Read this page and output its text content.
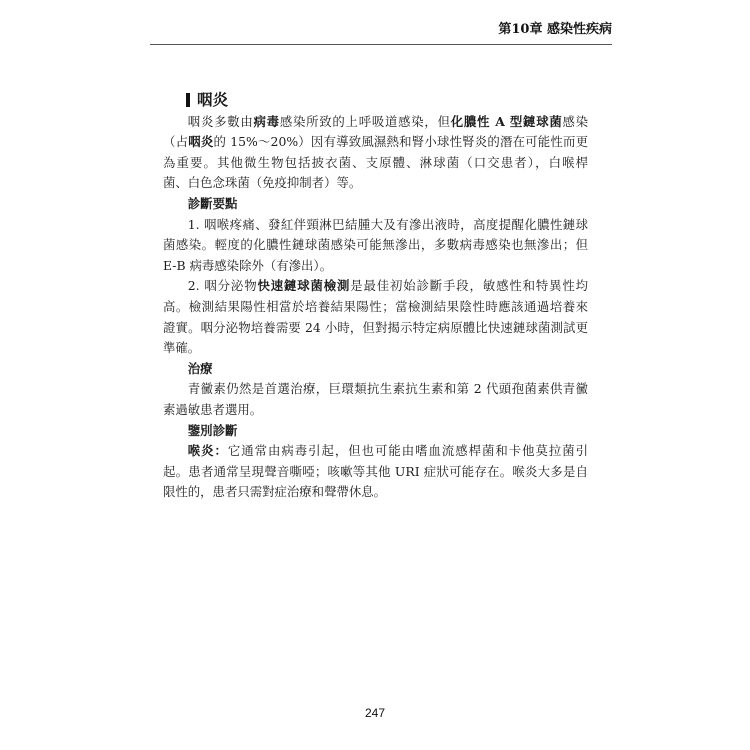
第10章 感染性疾病
咽炎
咽炎多數由病毒感染所致的上呼吸道感染，但化膿性 A 型鏈球菌感染
（占咽炎的 15%～20%）因有導致風濕熱和腎小球性腎炎的潛在可能性而更
為重要。其他微生物包括披衣菌、支原體、淋球菌（口交患者），白喉桿
菌、白色念珠菌（免疫抑制者）等。
診斷要點
1. 咽喉疼痛、發紅伴頸淋巴結腫大及有滲出液時，高度提醒化膿性鏈球
菌感染。輕度的化膿性鏈球菌感染可能無滲出，多數病毒感染也無滲出；但
E-B 病毒感染除外（有滲出）。
2. 咽分泌物快速鏈球菌檢測是最佳初始診斷手段，敏感性和特異性均
高。檢測結果陽性相當於培養結果陽性；當檢測結果陰性時應該通過培養來
證實。咽分泌物培養需要 24 小時，但對揭示特定病原體比快速鏈球菌測試更
準確。
治療
青黴素仍然是首選治療，巨環類抗生素抗生素和第 2 代頭孢菌素供青黴
素過敏患者選用。
鑒別診斷
喉炎：它通常由病毒引起，但也可能由嗜血流感桿菌和卡他莫拉菌引
起。患者通常呈現聲音嘶啞；咳嗽等其他 URI 症狀可能存在。喉炎大多是自
限性的，患者只需對症治療和聲帶休息。
247
